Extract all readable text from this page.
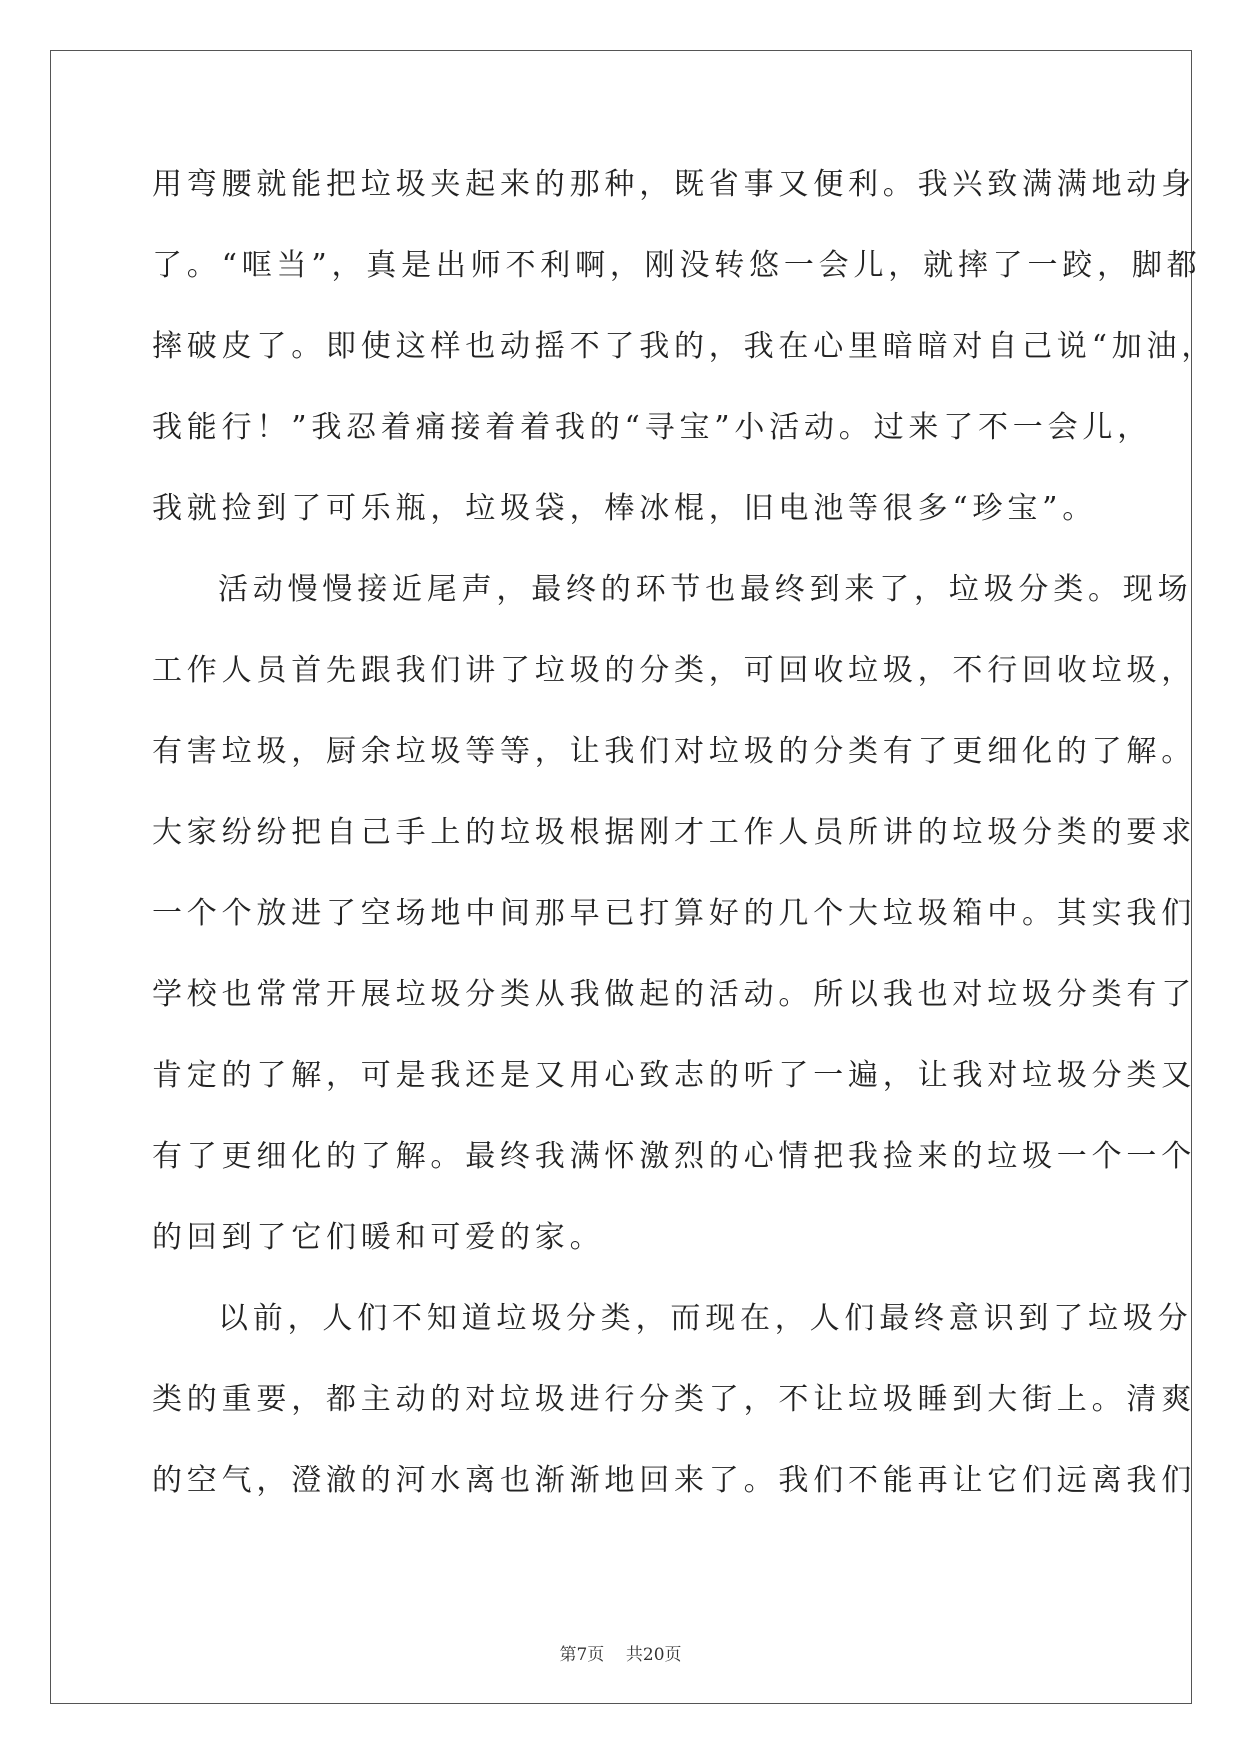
用弯腰就能把垃圾夹起来的那种，既省事又便利。我兴致满满地动身
了。“哐当”，真是出师不利啊，刚没转悠一会儿，就摔了一跤，脚都
摔破皮了。即使这样也动摇不了我的，我在心里暗暗对自己说“加油，
我能行！”我忍着痛接着着我的“寻宝”小活动。过来了不一会儿，
我就捡到了可乐瓶，垃圾袋，棒冰棍，旧电池等很多“珍宝”。
活动慢慢接近尾声，最终的环节也最终到来了，垃圾分类。现场
工作人员首先跟我们讲了垃圾的分类，可回收垃圾，不行回收垃圾，
有害垃圾，厨余垃圾等等，让我们对垃圾的分类有了更细化的了解。
大家纷纷把自己手上的垃圾根据刚才工作人员所讲的垃圾分类的要求
一个个放进了空场地中间那早已打算好的几个大垃圾箱中。其实我们
学校也常常开展垃圾分类从我做起的活动。所以我也对垃圾分类有了
肯定的了解，可是我还是又用心致志的听了一遍，让我对垃圾分类又
有了更细化的了解。最终我满怀激烈的心情把我捡来的垃圾一个一个
的回到了它们暖和可爱的家。
以前，人们不知道垃圾分类，而现在，人们最终意识到了垃圾分
类的重要，都主动的对垃圾进行分类了，不让垃圾睡到大街上。清爽
的空气，澄澈的河水离也渐渐地回来了。我们不能再让它们远离我们
第7页    共20页
